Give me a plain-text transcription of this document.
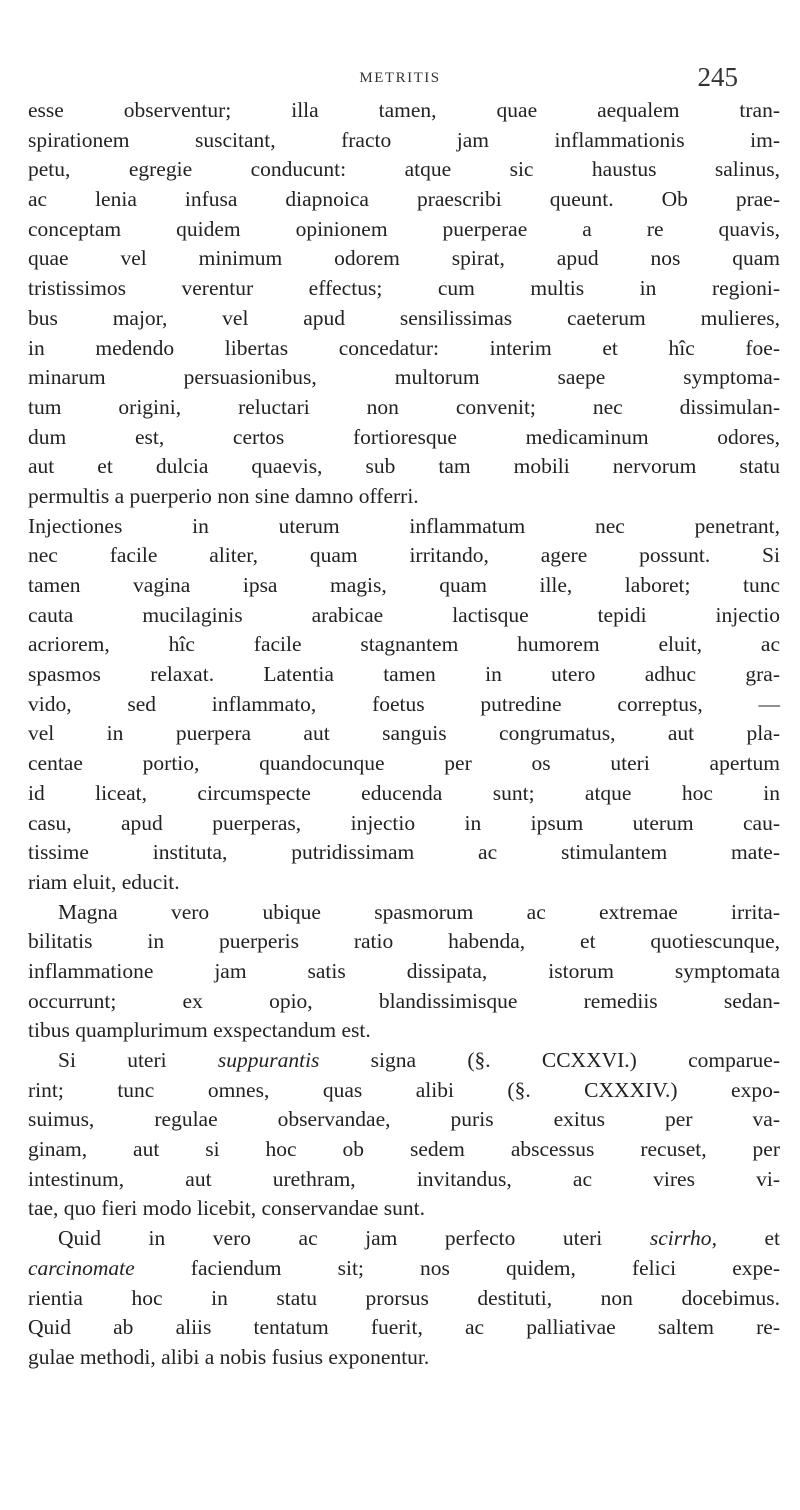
METRITIS	245
esse observentur; illa tamen, quae aequalem tran-
spirationem suscitant, fracto jam inflammationis im-
petu, egregie conducunt: atque sic haustus salinus,
ac lenia infusa diapnoica praescribi queunt. Ob prae-
conceptam quidem opinionem puerperae a re quavis,
quae vel minimum odorem spirat, apud nos quam
tristissimos verentur effectus; cum multis in regioni-
bus major, vel apud sensilissimas caeterum mulieres,
in medendo libertas concedatur: interim et hîc foe-
minarum persuasionibus, multorum saepe symptoma-
tum origini, reluctari non convenit; nec dissimulan-
dum est, certos fortioresque medicaminum odores,
aut et dulcia quaevis, sub tam mobili nervorum statu
permultis a puerperio non sine damno offerri.
Injectiones in uterum inflammatum nec penetrant,
nec facile aliter, quam irritando, agere possunt. Si
tamen vagina ipsa magis, quam ille, laboret; tunc
cauta mucilaginis arabicae lactisque tepidi injectio
acriorem, hîc facile stagnantem humorem eluit, ac
spasmos relaxat. Latentia tamen in utero adhuc gra-
vido, sed inflammato, foetus putredine correptus, —
vel in puerpera aut sanguis congrumatus, aut pla-
centae portio, quandocunque per os uteri apertum
id liceat, circumspecte educenda sunt; atque hoc in
casu, apud puerperas, injectio in ipsum uterum cau-
tissime instituta, putridissimam ac stimulantem mate-
riam eluit, educit.
Magna vero ubique spasmorum ac extremae irrita-
bilitatis in puerperis ratio habenda, et quotiescunque,
inflammatione jam satis dissipata, istorum symptomata
occurrunt; ex opio, blandissimisque remediis sedan-
tibus quamplurimum exspectandum est.
Si uteri suppurantis signa (§. CCXXVI.) comparue-
rint; tunc omnes, quas alibi (§. CXXXIV.) expo-
suimus, regulae observandae, puris exitus per va-
ginam, aut si hoc ob sedem abscessus recuset, per
intestinum, aut urethram, invitandus, ac vires vi-
tae, quo fieri modo licebit, conservandae sunt.
Quid in vero ac jam perfecto uteri scirrho, et
carcinomate faciendum sit; nos quidem, felici expe-
rientia hoc in statu prorsus destituti, non docebimus.
Quid ab aliis tentatum fuerit, ac palliativae saltem re-
gulae methodi, alibi a nobis fusius exponentur.
